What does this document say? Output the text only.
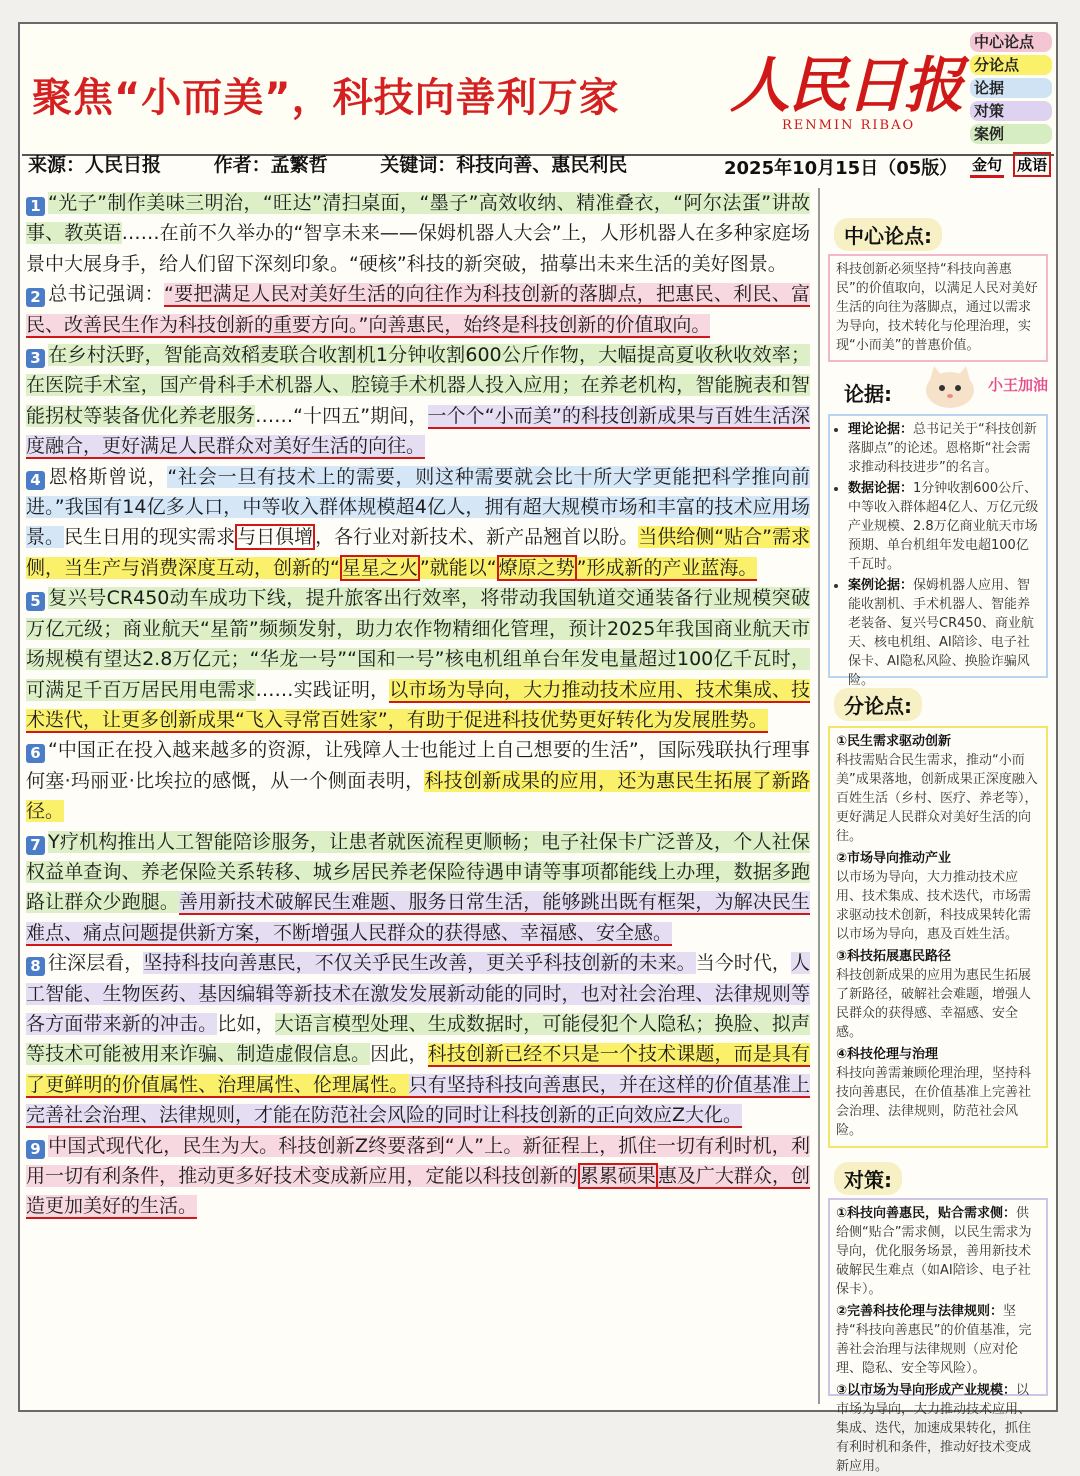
聚焦“小而美”，科技向善利万家 人民日报
RENMIN RIBAO
中心论点
分论点
论据
对策
案例
来源：人民日报	作者：孟繁哲	关键词：科技向善、惠民利民	2025年10月15日（05版） 金句 成语

1 “光子”制作美味三明治，“旺达”清扫桌面，“墨子”高效收纳、精准叠衣，“阿尔法蛋”讲故事、教英语……在前不久举办的“智享未来——保姆机器人大会”上，人形机器人在多种家庭场景中大展身手，给人们留下深刻印象。“硬核”科技的新突破，描摹出未来生活的美好图景。

2 总书记强调：“要把满足人民对美好生活的向往作为科技创新的落脚点，把惠民、利民、富民、改善民生作为科技创新的重要方向。”向善惠民，始终是科技创新的价值取向。

3 在乡村沃野，智能高效稻麦联合收割机1分钟收割600公斤作物，大幅提高夏收秋收效率；在医院手术室，国产骨科手术机器人、腔镜手术机器人投入应用；在养老机构，智能腕表和智能拐杖等装备优化养老服务……“十四五”期间，一个个“小而美”的科技创新成果与百姓生活深度融合，更好满足人民群众对美好生活的向往。

4 恩格斯曾说，“社会一旦有技术上的需要，则这种需要就会比十所大学更能把科学推向前进。”我国有14亿多人口，中等收入群体规模超4亿人，拥有超大规模市场和丰富的技术应用场景。民生日用的现实需求 与日俱增 ，各行业对新技术、新产品翘首以盼。当供给侧“贴合”需求侧，当生产与消费深度互动，创新的“ 星星之火 ”就能以“ 燎原之势 ”形成新的产业蓝海。

5 复兴号CR450动车成功下线，提升旅客出行效率，将带动我国轨道交通装备行业规模突破万亿元级；商业航天“星箭”频频发射，助力农作物精细化管理，预计2025年我国商业航天市场规模有望达2.8万亿元；“华龙一号”“国和一号”核电机组单台年发电量超过100亿千瓦时，可满足千百万居民用电需求……实践证明，以市场为导向，大力推动技术应用、技术集成、技术迭代，让更多创新成果“飞入寻常百姓家”，有助于促进科技优势更好转化为发展胜势。

6 “中国正在投入越来越多的资源，让残障人士也能过上自己想要的生活”，国际残联执行理事何塞·玛丽亚·比埃拉的感慨，从一个侧面表明，科技创新成果的应用，还为惠民生拓展了新路径。

7 Y疗机构推出人工智能陪诊服务，让患者就医流程更顺畅；电子社保卡广泛普及，个人社保权益单查询、养老保险关系转移、城乡居民养老保险待遇申请等事项都能线上办理，数据多跑路让群众少跑腿。善用新技术破解民生难题、服务日常生活，能够跳出既有框架，为解决民生难点、痛点问题提供新方案，不断增强人民群众的获得感、幸福感、安全感。

8 往深层看，坚持科技向善惠民，不仅关乎民生改善，更关乎科技创新的未来。当今时代，人工智能、生物医药、基因编辑等新技术在激发发展新动能的同时，也对社会治理、法律规则等各方面带来新的冲击。比如，大语言模型处理、生成数据时，可能侵犯个人隐私；换脸、拟声等技术可能被用来诈骗、制造虚假信息。因此，科技创新已经不只是一个技术课题，而是具有了更鲜明的价值属性、治理属性、伦理属性。只有坚持科技向善惠民，并在这样的价值基准上完善社会治理、法律规则，才能在防范社会风险的同时让科技创新的正向效应Z大化。

9 中国式现代化，民生为大。科技创新Z终要落到“人”上。新征程上，抓住一切有利时机，利用一切有利条件，推动更多好技术变成新应用，定能以科技创新的 累累硕果 惠及广大群众，创造更加美好的生活。

中心论点:
科技创新必须坚持“科技向善惠民”的价值取向，以满足人民对美好生活的向往为落脚点，通过以需求为导向，技术转化与伦理治理，实现“小而美”的普惠价值。
论据:	小王加油
• 理论论据：总书记关于“科技创新落脚点”的论述。恩格斯“社会需求推动科技进步”的名言。
• 数据论据：1分钟收割600公斤、中等收入群体超4亿人、万亿元级产业规模、2.8万亿商业航天市场预期、单台机组年发电超100亿千瓦时。
• 案例论据：保姆机器人应用、智能收割机、手术机器人、智能养老装备、复兴号CR450、商业航天、核电机组、AI陪诊、电子社保卡、AI隐私风险、换脸诈骗风险。
分论点:
①民生需求驱动创新
科技需贴合民生需求，推动“小而美”成果落地，创新成果正深度融入百姓生活（乡村、医疗、养老等），更好满足人民群众对美好生活的向往。
②市场导向推动产业
以市场为导向，大力推动技术应用、技术集成、技术迭代，市场需求驱动技术创新，科技成果转化需以市场为导向，惠及百姓生活。
③科技拓展惠民路径
科技创新成果的应用为惠民生拓展了新路径，破解社会难题，增强人民群众的获得感、幸福感、安全感。
④科技伦理与治理
科技向善需兼顾伦理治理，坚持科技向善惠民，在价值基准上完善社会治理、法律规则，防范社会风险。
对策:
①科技向善惠民，贴合需求侧：供给侧“贴合”需求侧，以民生需求为导向，优化服务场景，善用新技术破解民生难点（如AI陪诊、电子社保卡）。
②完善科技伦理与法律规则：坚持“科技向善惠民”的价值基准，完善社会治理与法律规则（应对伦理、隐私、安全等风险）。
③以市场为导向形成产业规模：以市场为导向，大力推动技术应用、集成、迭代，加速成果转化，抓住有利时机和条件，推动好技术变成新应用。
